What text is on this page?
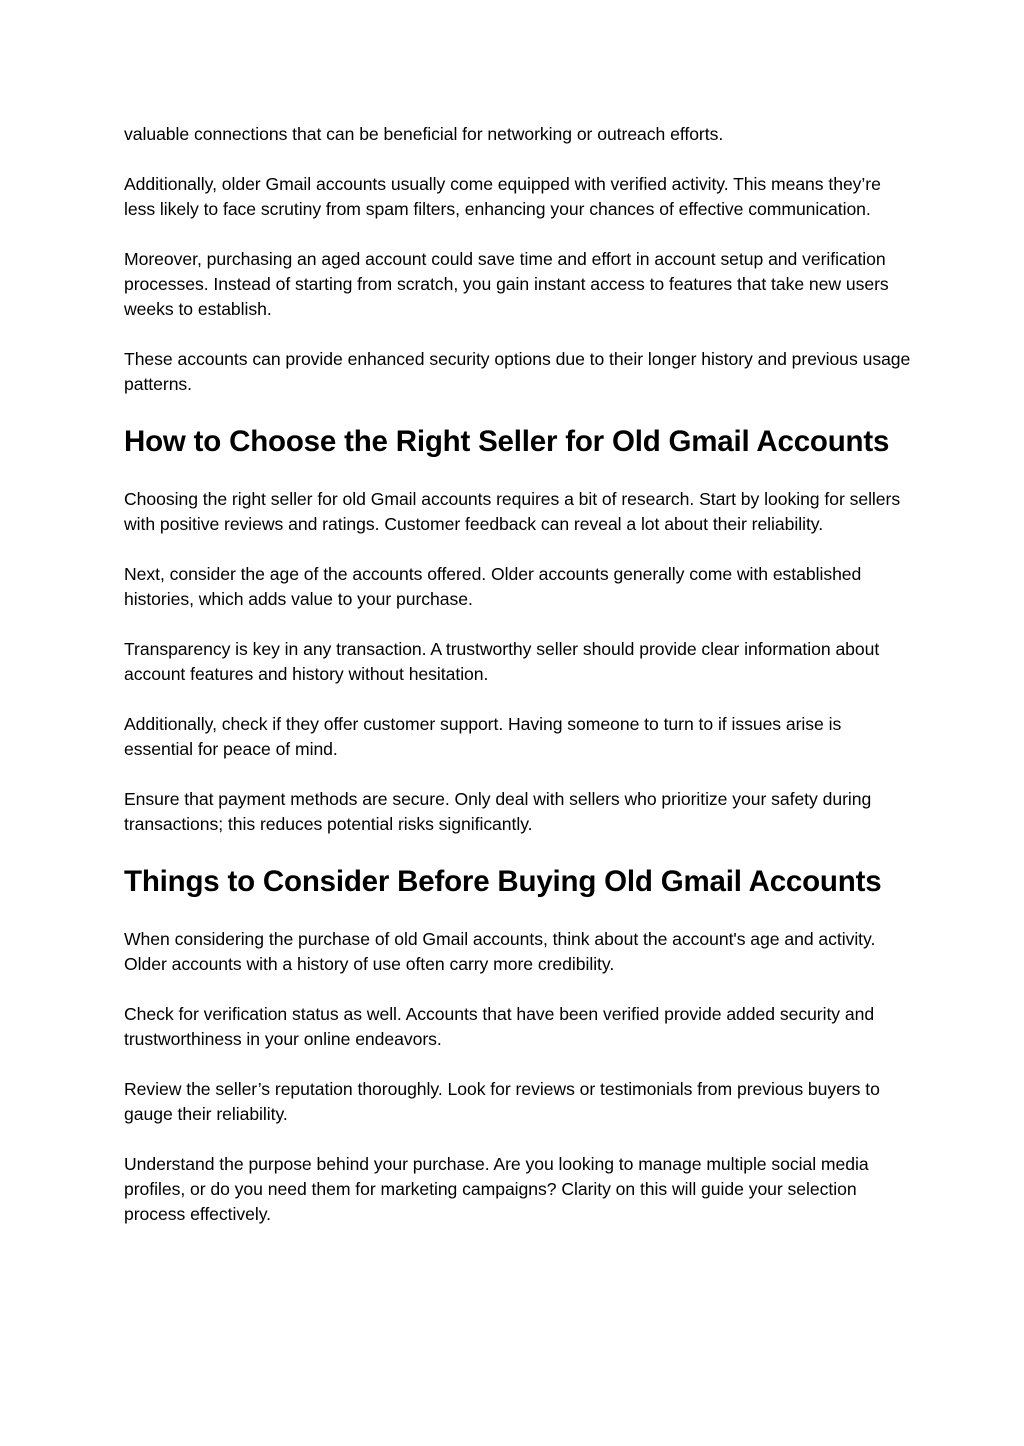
valuable connections that can be beneficial for networking or outreach efforts.

Additionally, older Gmail accounts usually come equipped with verified activity. This means they’re less likely to face scrutiny from spam filters, enhancing your chances of effective communication.

Moreover, purchasing an aged account could save time and effort in account setup and verification processes. Instead of starting from scratch, you gain instant access to features that take new users weeks to establish.

These accounts can provide enhanced security options due to their longer history and previous usage patterns.

How to Choose the Right Seller for Old Gmail Accounts

Choosing the right seller for old Gmail accounts requires a bit of research. Start by looking for sellers with positive reviews and ratings. Customer feedback can reveal a lot about their reliability.

Next, consider the age of the accounts offered. Older accounts generally come with established histories, which adds value to your purchase.

Transparency is key in any transaction. A trustworthy seller should provide clear information about account features and history without hesitation.

Additionally, check if they offer customer support. Having someone to turn to if issues arise is essential for peace of mind.

Ensure that payment methods are secure. Only deal with sellers who prioritize your safety during transactions; this reduces potential risks significantly.

Things to Consider Before Buying Old Gmail Accounts

When considering the purchase of old Gmail accounts, think about the account's age and activity. Older accounts with a history of use often carry more credibility.

Check for verification status as well. Accounts that have been verified provide added security and trustworthiness in your online endeavors.

Review the seller’s reputation thoroughly. Look for reviews or testimonials from previous buyers to gauge their reliability.

Understand the purpose behind your purchase. Are you looking to manage multiple social media profiles, or do you need them for marketing campaigns? Clarity on this will guide your selection process effectively.
